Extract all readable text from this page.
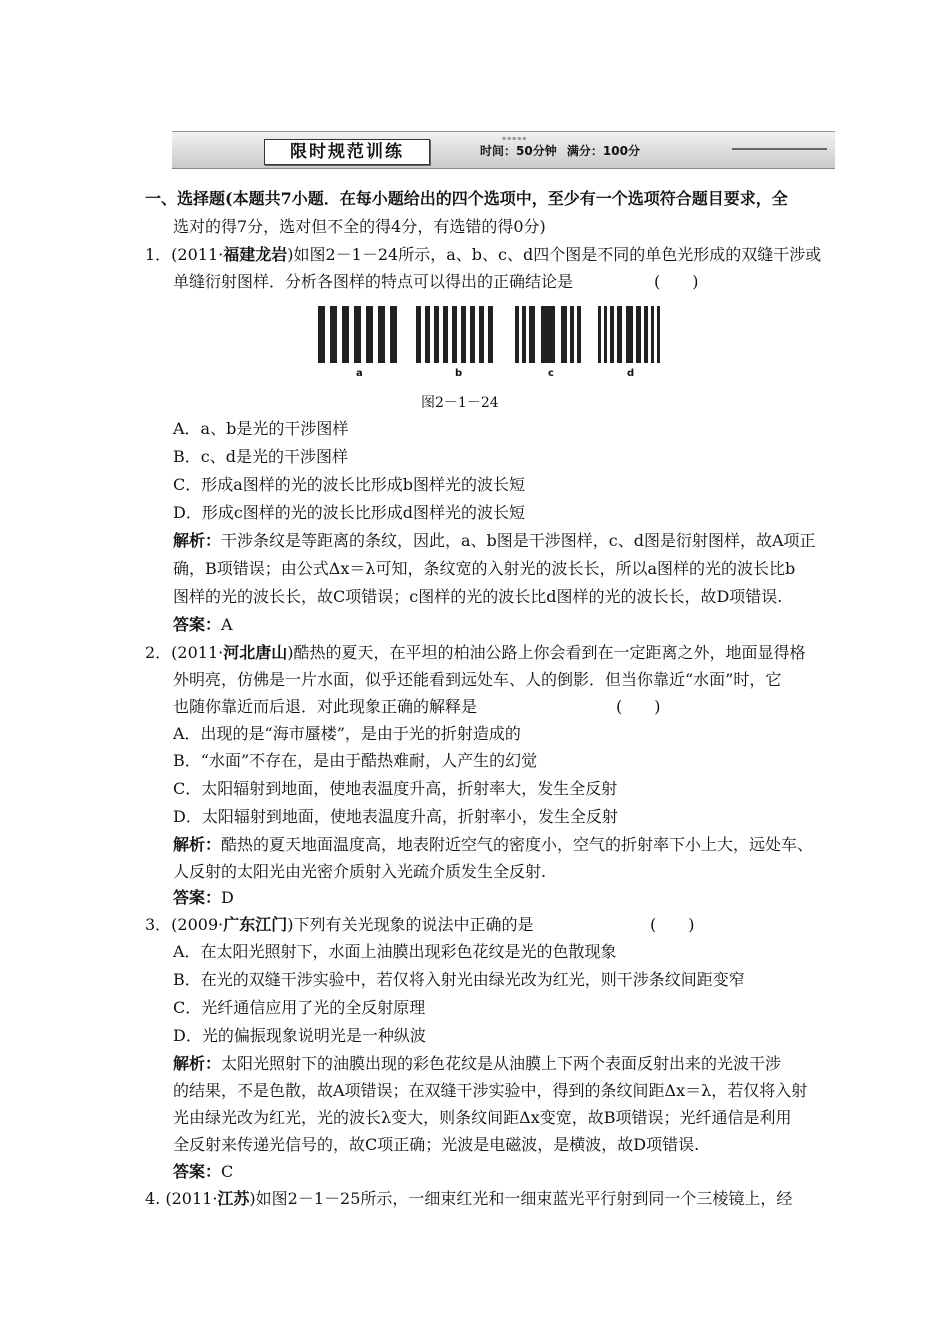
▪▪▪▪▪
限时规范训练	时间：50分钟 满分：100分
一、选择题(本题共7小题．在每小题给出的四个选项中，至少有一个选项符合题目要求，全
选对的得7分，选对但不全的得4分，有选错的得0分)
1．(2011·福建龙岩)如图2－1－24所示，a、b、c、d四个图是不同的单色光形成的双缝干涉或
单缝衍射图样．分析各图样的特点可以得出的正确结论是	(　　)
a	b	c	d
图2－1－24
A．a、b是光的干涉图样
B．c、d是光的干涉图样
C．形成a图样的光的波长比形成b图样光的波长短
D．形成c图样的光的波长比形成d图样光的波长短
解析：干涉条纹是等距离的条纹，因此，a、b图是干涉图样，c、d图是衍射图样，故A项正
确，B项错误；由公式Δx＝λ可知，条纹宽的入射光的波长长，所以a图样的光的波长比b
图样的光的波长长，故C项错误；c图样的光的波长比d图样的光的波长长，故D项错误.
答案：A
2．(2011·河北唐山)酷热的夏天，在平坦的柏油公路上你会看到在一定距离之外，地面显得格
外明亮，仿佛是一片水面，似乎还能看到远处车、人的倒影．但当你靠近“水面”时，它
也随你靠近而后退．对此现象正确的解释是	(　　)
A．出现的是“海市蜃楼”，是由于光的折射造成的
B．“水面”不存在，是由于酷热难耐，人产生的幻觉
C．太阳辐射到地面，使地表温度升高，折射率大，发生全反射
D．太阳辐射到地面，使地表温度升高，折射率小，发生全反射
解析：酷热的夏天地面温度高，地表附近空气的密度小，空气的折射率下小上大，远处车、
人反射的太阳光由光密介质射入光疏介质发生全反射.
答案：D
3．(2009·广东江门)下列有关光现象的说法中正确的是	(　　)
A．在太阳光照射下，水面上油膜出现彩色花纹是光的色散现象
B．在光的双缝干涉实验中，若仅将入射光由绿光改为红光，则干涉条纹间距变窄
C．光纤通信应用了光的全反射原理
D．光的偏振现象说明光是一种纵波
解析：太阳光照射下的油膜出现的彩色花纹是从油膜上下两个表面反射出来的光波干涉
的结果，不是色散，故A项错误；在双缝干涉实验中，得到的条纹间距Δx＝λ，若仅将入射
光由绿光改为红光，光的波长λ变大，则条纹间距Δx变宽，故B项错误；光纤通信是利用
全反射来传递光信号的，故C项正确；光波是电磁波，是横波，故D项错误.
答案：C
4. (2011·江苏)如图2－1－25所示，一细束红光和一细束蓝光平行射到同一个三棱镜上，经
